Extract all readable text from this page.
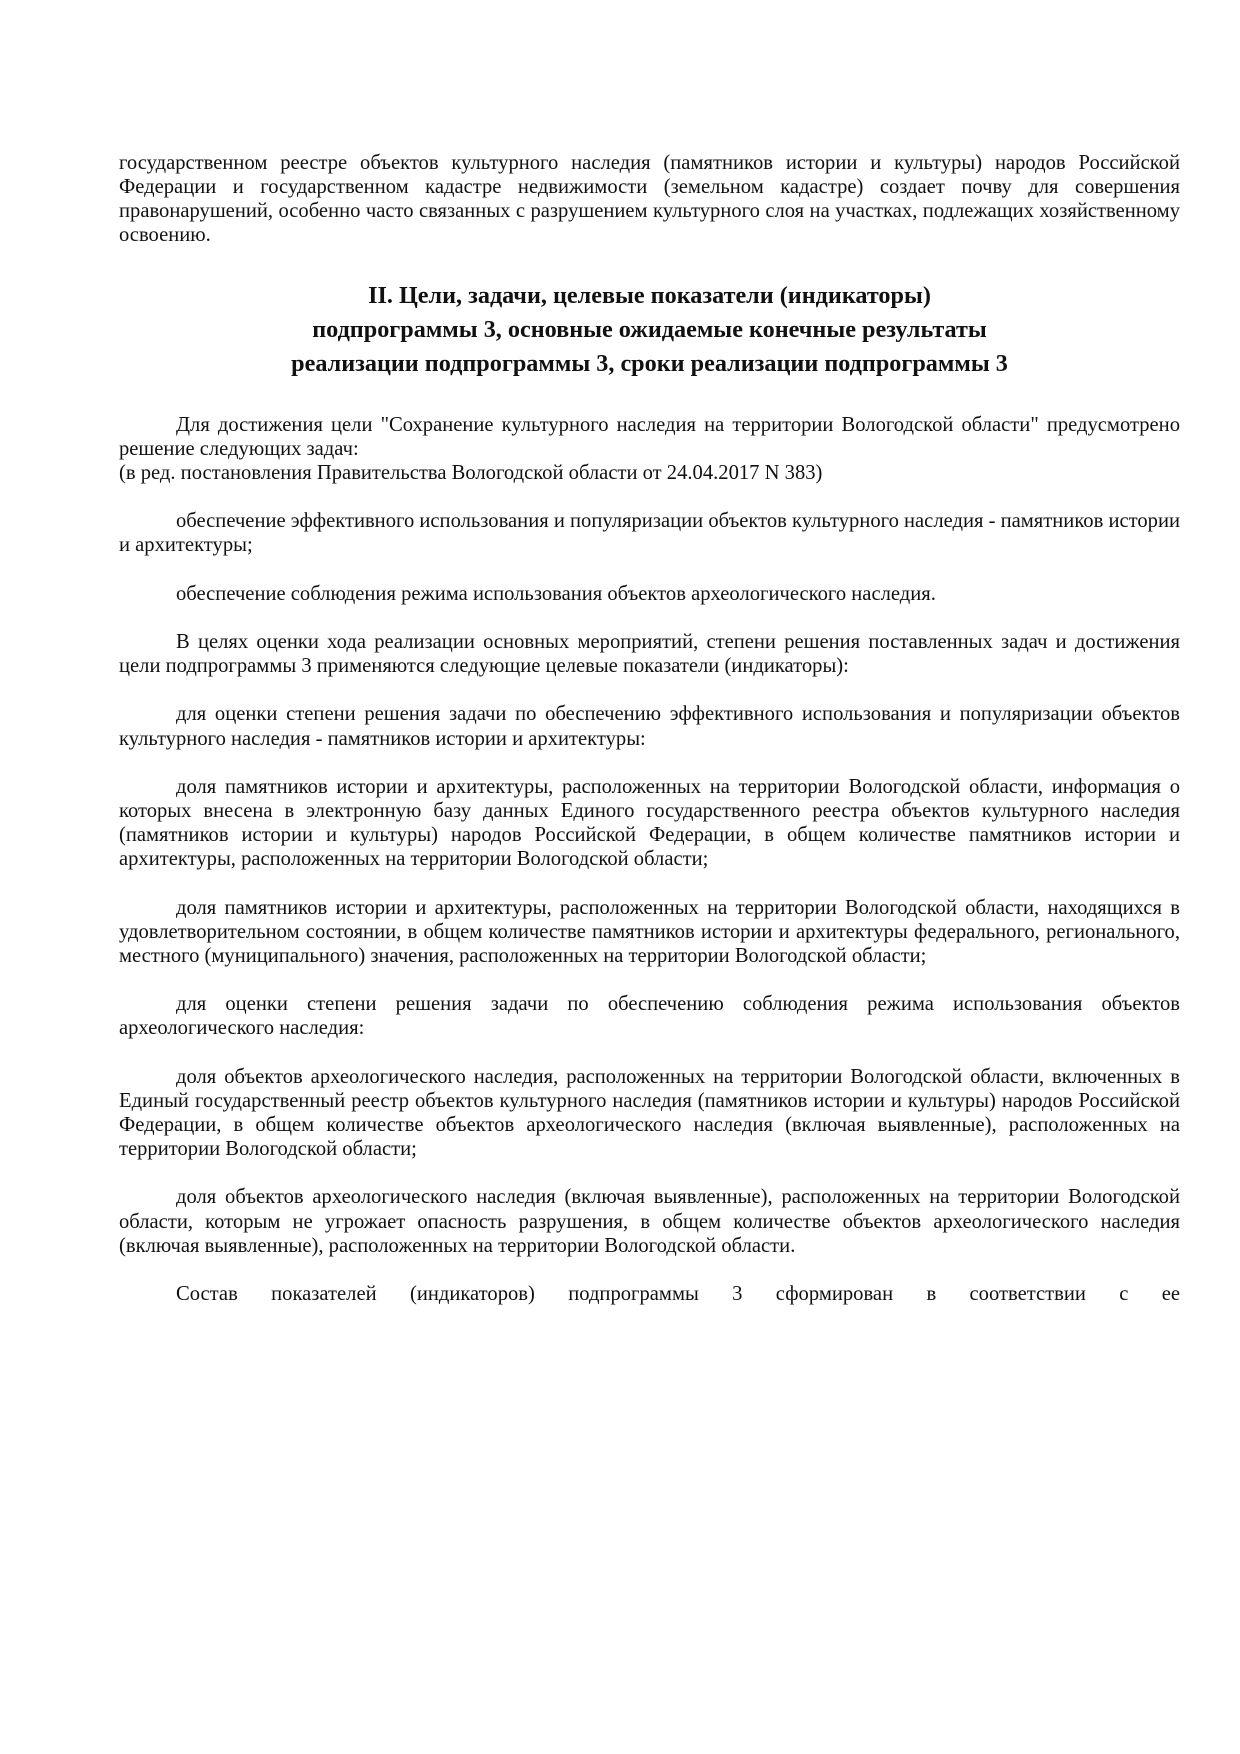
государственном реестре объектов культурного наследия (памятников истории и культуры) народов Российской Федерации и государственном кадастре недвижимости (земельном кадастре) создает почву для совершения правонарушений, особенно часто связанных с разрушением культурного слоя на участках, подлежащих хозяйственному освоению.

II. Цели, задачи, целевые показатели (индикаторы)
подпрограммы 3, основные ожидаемые конечные результаты
реализации подпрограммы 3, сроки реализации подпрограммы 3

Для достижения цели "Сохранение культурного наследия на территории Вологодской области" предусмотрено решение следующих задач:

(в ред. постановления Правительства Вологодской области от 24.04.2017 N 383)

обеспечение эффективного использования и популяризации объектов культурного наследия - памятников истории и архитектуры;

обеспечение соблюдения режима использования объектов археологического наследия.

В целях оценки хода реализации основных мероприятий, степени решения поставленных задач и достижения цели подпрограммы 3 применяются следующие целевые показатели (индикаторы):

для оценки степени решения задачи по обеспечению эффективного использования и популяризации объектов культурного наследия - памятников истории и архитектуры:

доля памятников истории и архитектуры, расположенных на территории Вологодской области, информация о которых внесена в электронную базу данных Единого государственного реестра объектов культурного наследия (памятников истории и культуры) народов Российской Федерации, в общем количестве памятников истории и архитектуры, расположенных на территории Вологодской области;

доля памятников истории и архитектуры, расположенных на территории Вологодской области, находящихся в удовлетворительном состоянии, в общем количестве памятников истории и архитектуры федерального, регионального, местного (муниципального) значения, расположенных на территории Вологодской области;

для оценки степени решения задачи по обеспечению соблюдения режима использования объектов археологического наследия:

доля объектов археологического наследия, расположенных на территории Вологодской области, включенных в Единый государственный реестр объектов культурного наследия (памятников истории и культуры) народов Российской Федерации, в общем количестве объектов археологического наследия (включая выявленные), расположенных на территории Вологодской области;

доля объектов археологического наследия (включая выявленные), расположенных на территории Вологодской области, которым не угрожает опасность разрушения, в общем количестве объектов археологического наследия (включая выявленные), расположенных на территории Вологодской области.

Состав показателей (индикаторов) подпрограммы 3 сформирован в соответствии с ее
